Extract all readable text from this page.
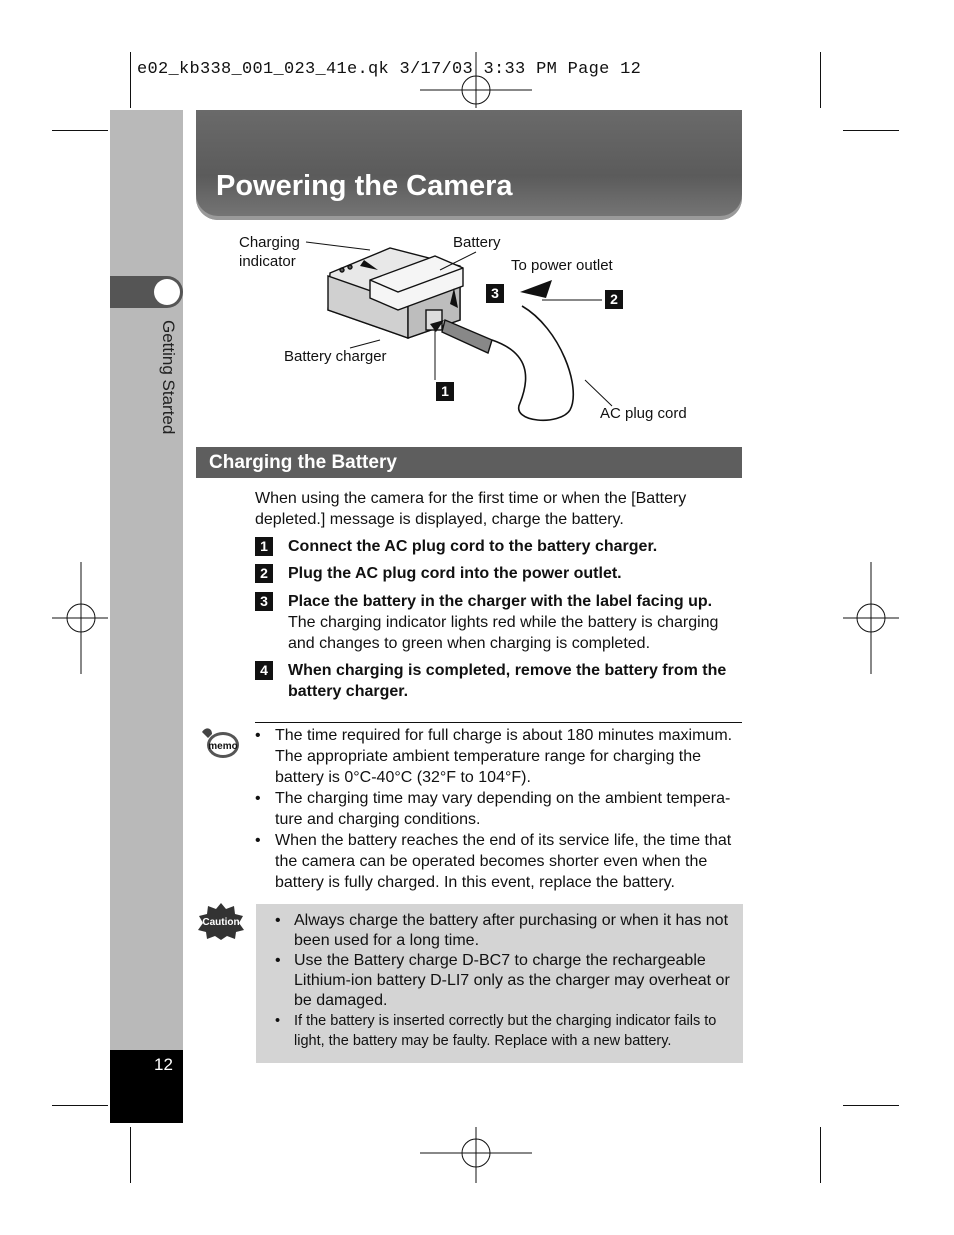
e02_kb338_001_023_41e.qk 3/17/03 3:33 PM Page 12
Getting Started
12
Powering the Camera
Charging
indicator
Battery
To power outlet
Battery charger
AC plug cord
3	2
1
Charging the Battery
When using the camera for the first time or when the [Battery depleted.] message is displayed, charge the battery.
1	Connect the AC plug cord to the battery charger.
2	Plug the AC plug cord into the power outlet.
3	Place the battery in the charger with the label facing up.
The charging indicator lights red while the battery is charging and changes to green when charging is completed.
4	When charging is completed, remove the battery from the battery charger.
memo
• The time required for full charge is about 180 minutes maximum. The appropriate ambient temperature range for charging the battery is 0°C-40°C (32°F to 104°F).
• The charging time may vary depending on the ambient tempera-ture and charging conditions.
• When the battery reaches the end of its service life, the time that the camera can be operated becomes shorter even when the battery is fully charged. In this event, replace the battery.
Caution
•	Always charge the battery after purchasing or when it has not been used for a long time.
• Use the Battery charge D-BC7 to charge the rechargeable Lithium-ion battery D-LI7 only as the charger may overheat or be damaged.
• If the battery is inserted correctly but the charging indicator fails to light, the battery may be faulty. Replace with a new battery.
